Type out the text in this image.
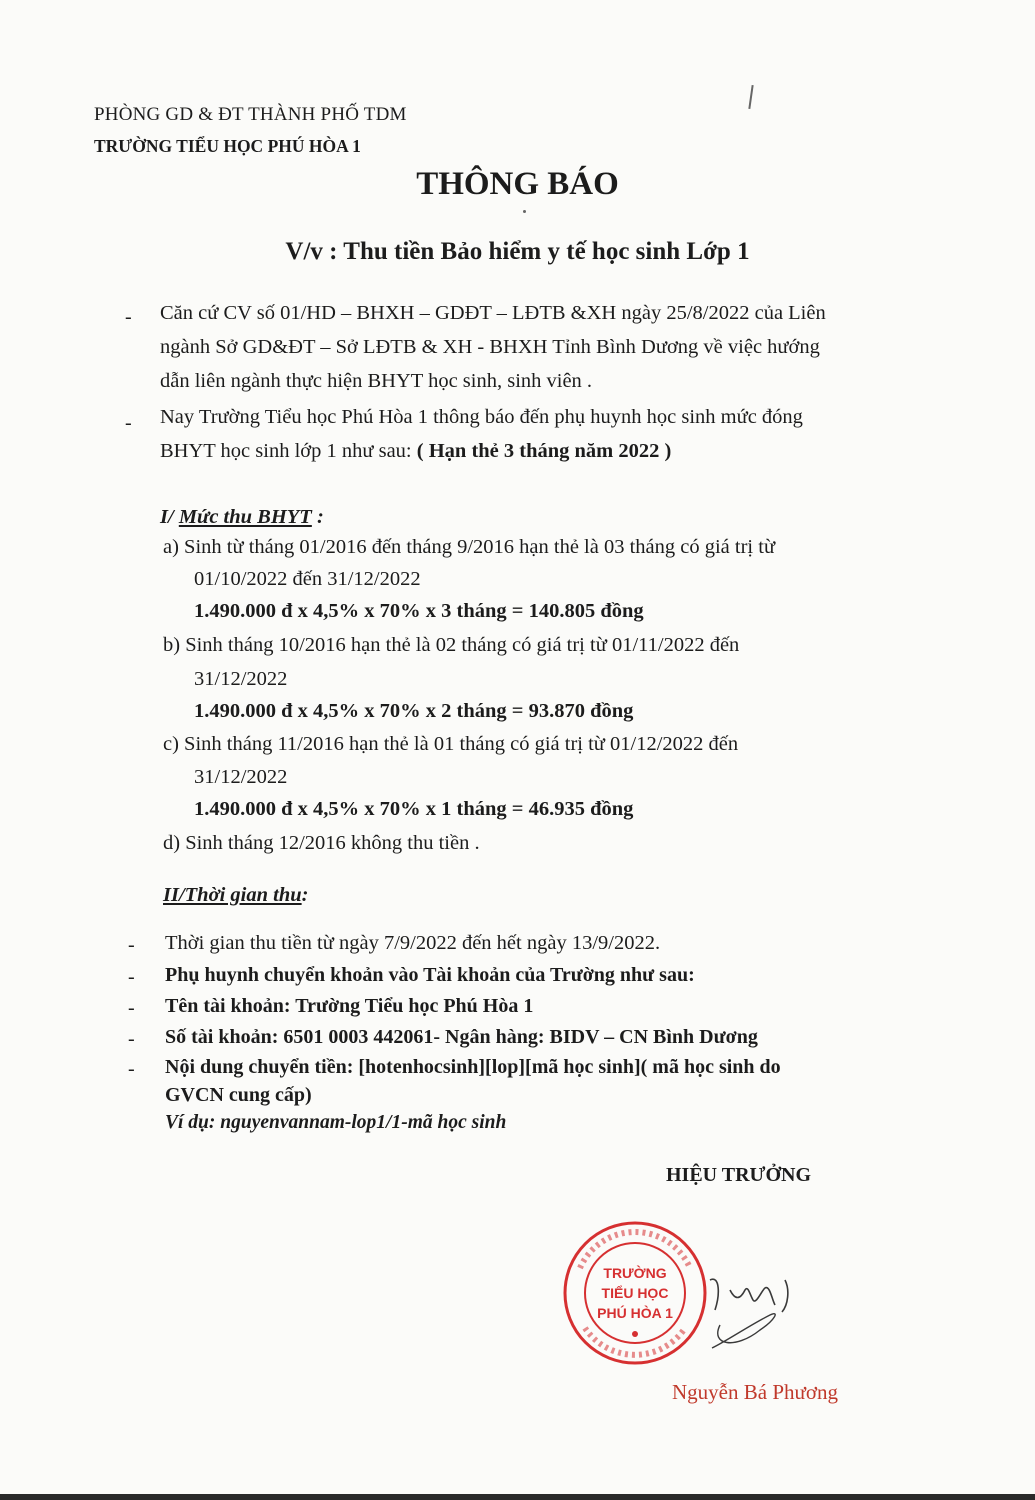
PHÒNG GD & ĐT THÀNH PHỐ TDM
TRƯỜNG TIỂU HỌC PHÚ HÒA 1
THÔNG BÁO
V/v : Thu tiền Bảo hiểm y tế học sinh Lớp 1
- Căn cứ CV số 01/HD – BHXH – GDĐT – LĐTB &XH ngày 25/8/2022 của Liên
ngành Sở GD&ĐT – Sở LĐTB & XH - BHXH Tỉnh Bình Dương về việc hướng
dẫn liên ngành thực hiện BHYT học sinh, sinh viên .
- Nay Trường Tiểu học Phú Hòa 1 thông báo đến phụ huynh học sinh mức đóng
BHYT học sinh lớp 1 như sau: ( Hạn thẻ 3 tháng năm 2022 )
I/ Mức thu BHYT :
a) Sinh từ tháng 01/2016 đến tháng 9/2016 hạn thẻ là 03 tháng có giá trị từ
01/10/2022 đến 31/12/2022
1.490.000 đ x 4,5% x 70% x 3 tháng = 140.805 đồng
b) Sinh tháng 10/2016 hạn thẻ là 02 tháng có giá trị từ 01/11/2022 đến
31/12/2022
1.490.000 đ x 4,5% x 70% x 2 tháng = 93.870 đồng
c) Sinh tháng 11/2016 hạn thẻ là 01 tháng có giá trị từ 01/12/2022 đến
31/12/2022
1.490.000 đ x 4,5% x 70% x 1 tháng = 46.935 đồng
d) Sinh tháng 12/2016 không thu tiền .
II/Thời gian thu:
- Thời gian thu tiền từ ngày 7/9/2022 đến hết ngày 13/9/2022.
- Phụ huynh chuyển khoản vào Tài khoản của Trường như sau:
- Tên tài khoản: Trường Tiểu học Phú Hòa 1
- Số tài khoản: 6501 0003 442061- Ngân hàng: BIDV – CN Bình Dương
- Nội dung chuyển tiền: [hotenhocsinh][lop][mã học sinh]( mã học sinh do
GVCN cung cấp)
Ví dụ: nguyenvannam-lop1/1-mã học sinh
HIỆU TRƯỞNG
TRƯỜNG
TIỂU HỌC
PHÚ HÒA 1
Nguyễn Bá Phương
